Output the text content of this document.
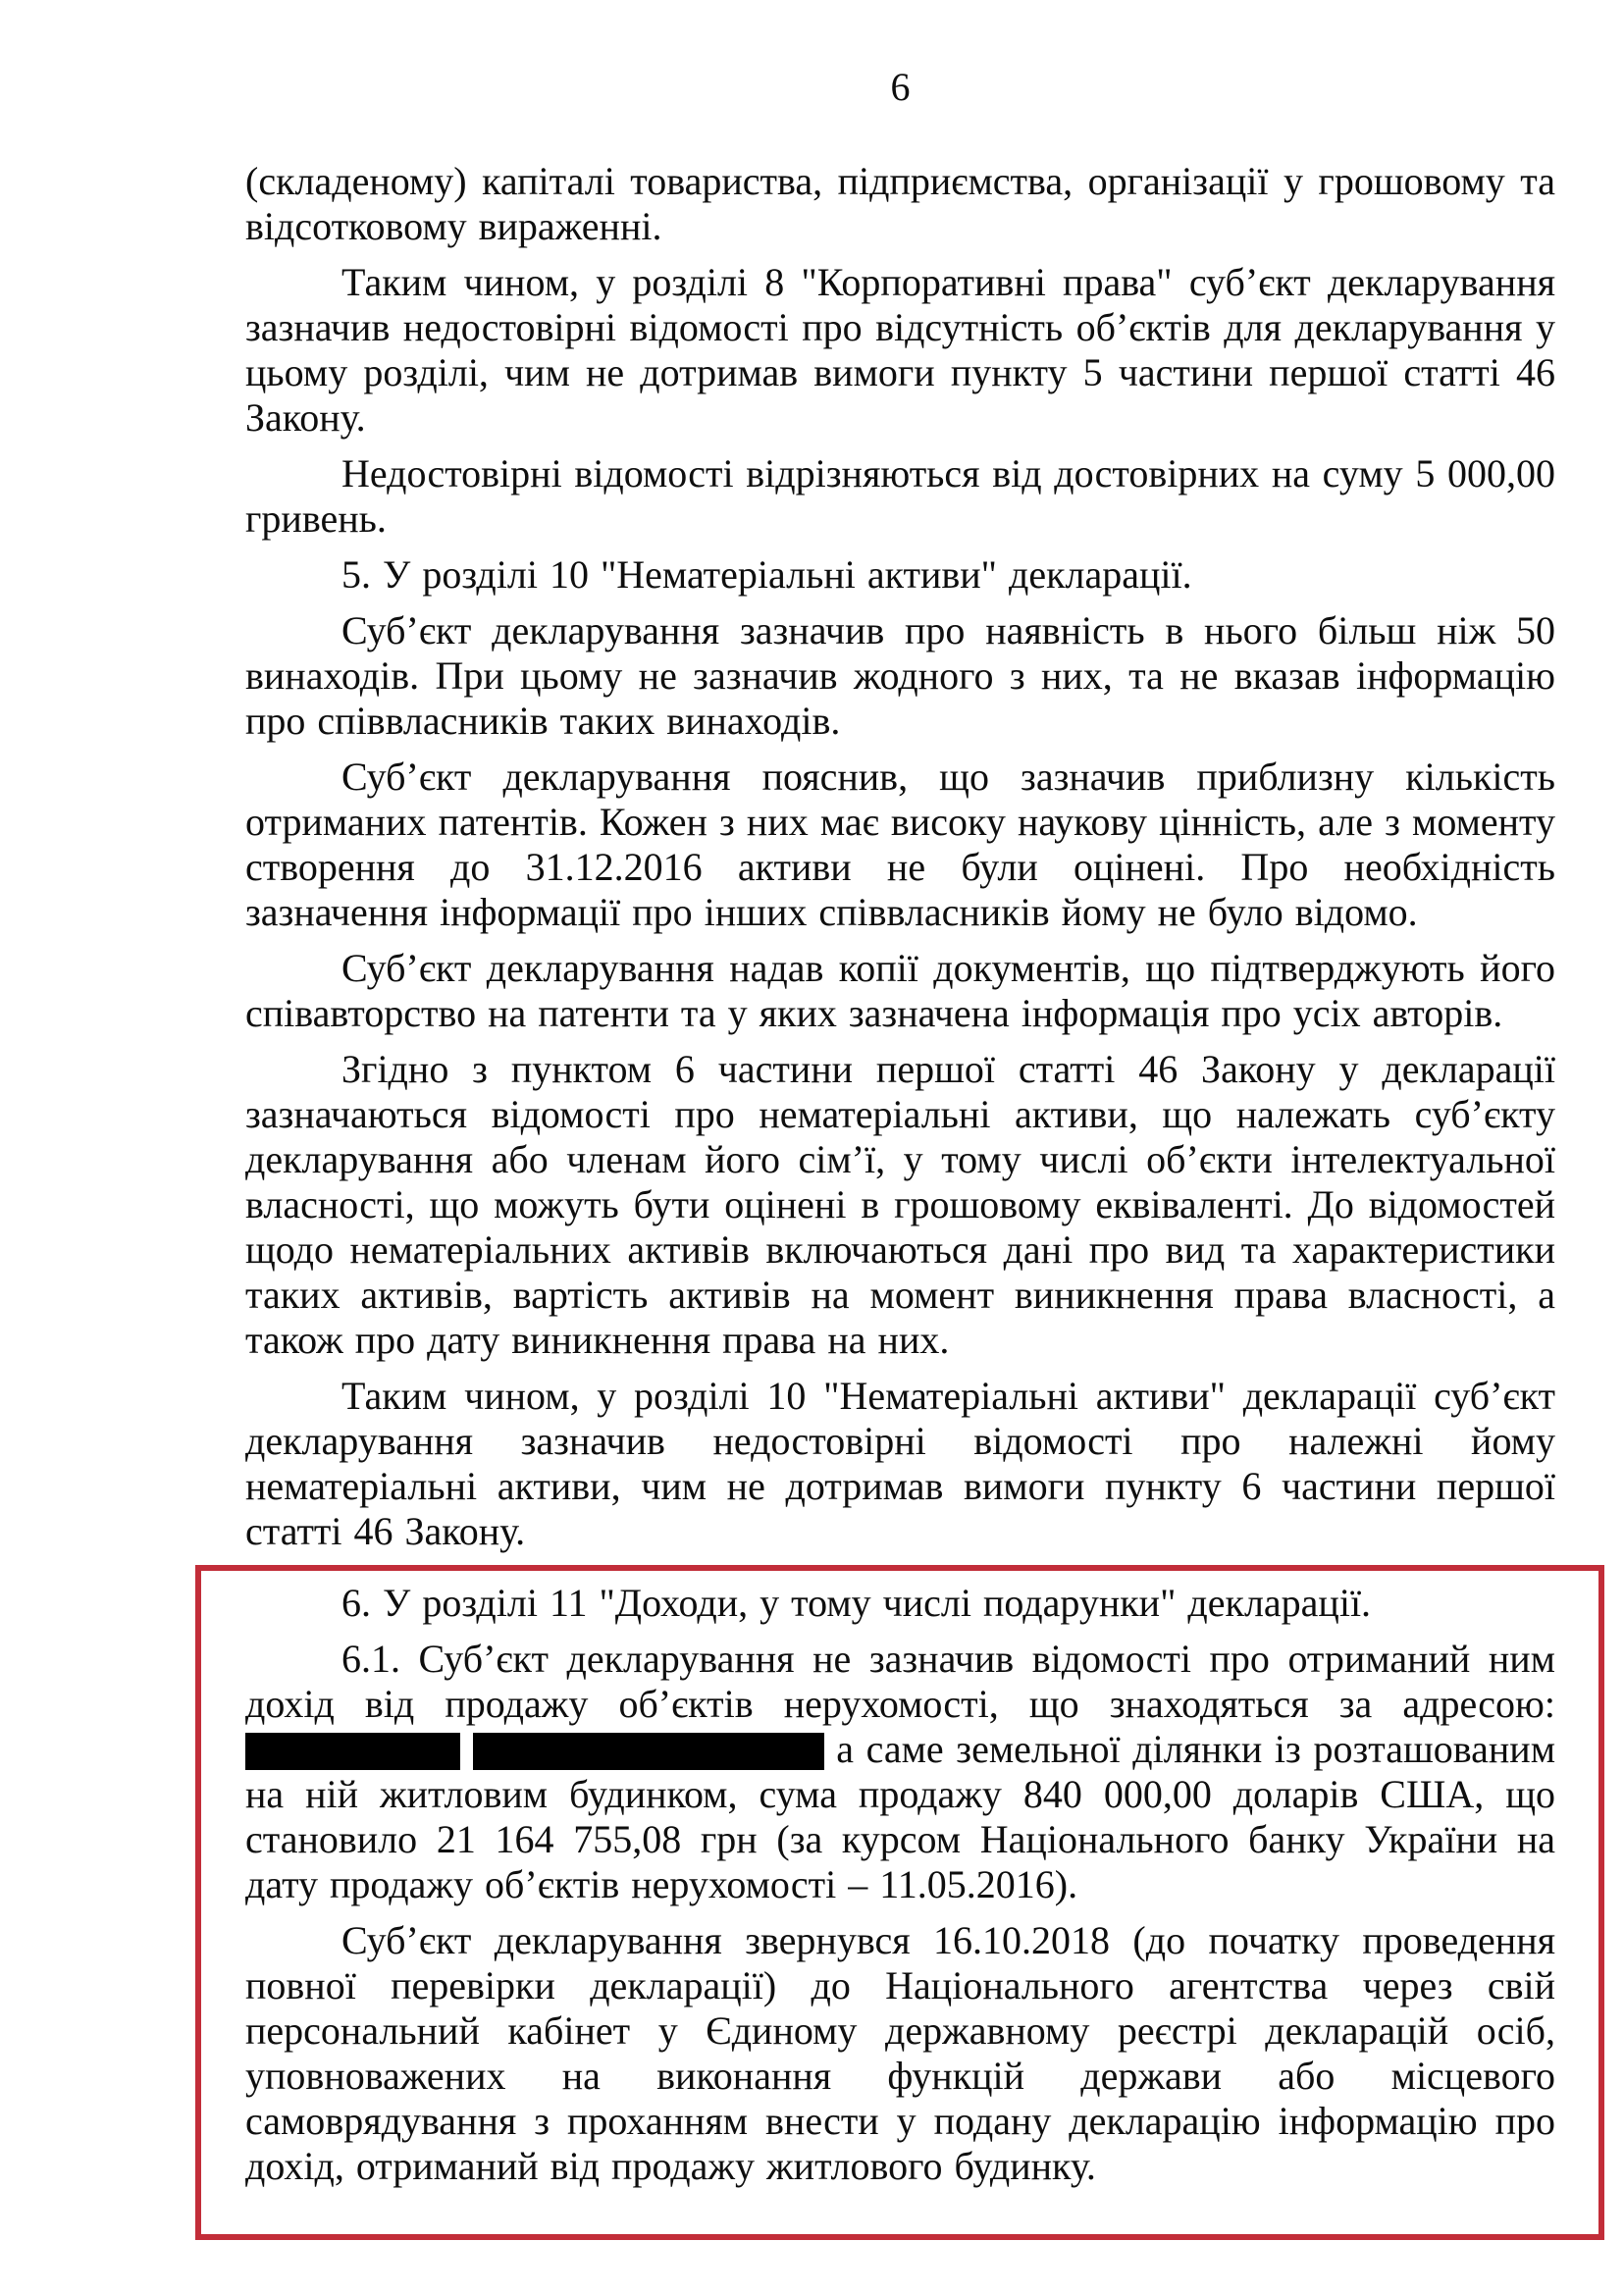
6

(складеному) капіталі товариства, підприємства, організації у грошовому та відсотковому вираженні.

Таким чином, у розділі 8 "Корпоративні права" суб’єкт декларування зазначив недостовірні відомості про відсутність об’єктів для декларування у цьому розділі, чим не дотримав вимоги пункту 5 частини першої статті 46 Закону.

Недостовірні відомості відрізняються від достовірних на суму 5 000,00 гривень.

5. У розділі 10 "Нематеріальні активи" декларації.

Суб’єкт декларування зазначив про наявність в нього більш ніж 50 винаходів. При цьому не зазначив жодного з них, та не вказав інформацію про співвласників таких винаходів.

Суб’єкт декларування пояснив, що зазначив приблизну кількість отриманих патентів. Кожен з них має високу наукову цінність, але з моменту створення до 31.12.2016 активи не були оцінені. Про необхідність зазначення інформації про інших співвласників йому не було відомо.

Суб’єкт декларування надав копії документів, що підтверджують його співавторство на патенти та у яких зазначена інформація про усіх авторів.

Згідно з пунктом 6 частини першої статті 46 Закону у декларації зазначаються відомості про нематеріальні активи, що належать суб’єкту декларування або членам його сім’ї, у тому числі об’єкти інтелектуальної власності, що можуть бути оцінені в грошовому еквіваленті. До відомостей щодо нематеріальних активів включаються дані про вид та характеристики таких активів, вартість активів на момент виникнення права власності, а також про дату виникнення права на них.

Таким чином, у розділі 10 "Нематеріальні активи" декларації суб’єкт декларування зазначив недостовірні відомості про належні йому нематеріальні активи, чим не дотримав вимоги пункту 6 частини першої статті 46 Закону.

6. У розділі 11 "Доходи, у тому числі подарунки" декларації.

6.1. Суб’єкт декларування не зазначив відомості про отриманий ним дохід від продажу об’єктів нерухомості, що знаходяться за адресою:   а саме земельної ділянки із розташованим на ній житловим будинком, сума продажу 840 000,00 доларів США, що становило 21 164 755,08 грн (за курсом Національного банку України на дату продажу об’єктів нерухомості – 11.05.2016).

Суб’єкт декларування звернувся 16.10.2018 (до початку проведення повної перевірки декларації) до Національного агентства через свій персональний кабінет у Єдиному державному реєстрі декларацій осіб, уповноважених на виконання функцій держави або місцевого самоврядування з проханням внести у подану декларацію інформацію про дохід, отриманий від продажу житлового будинку.
